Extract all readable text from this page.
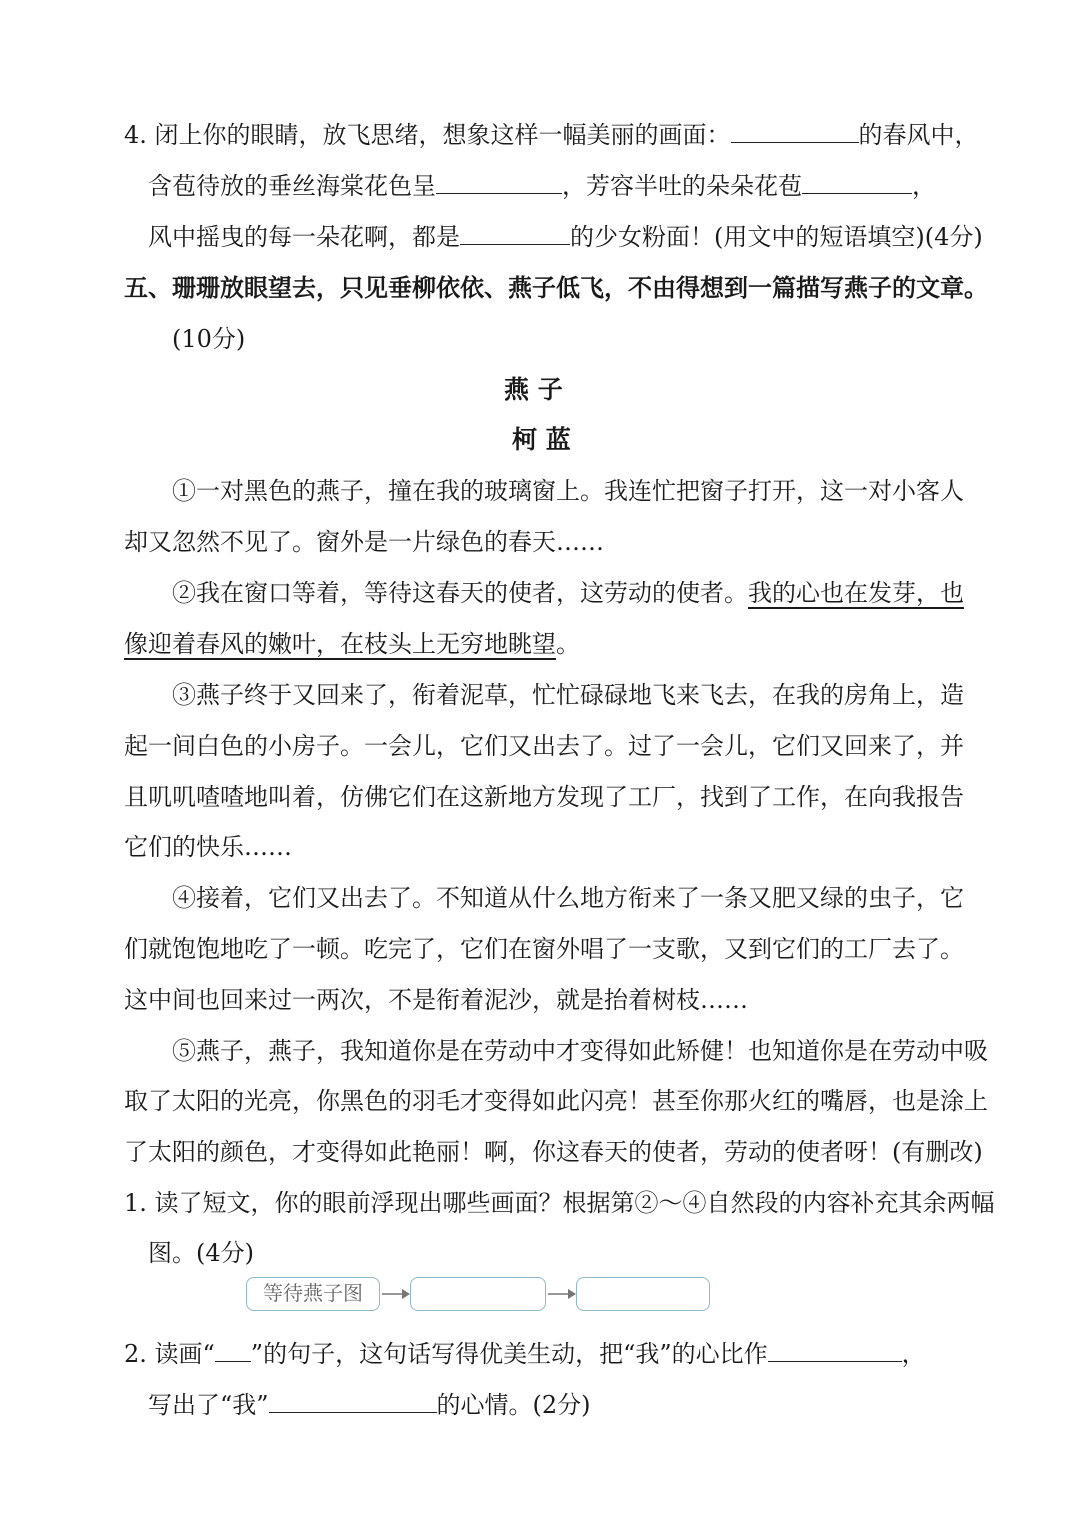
4. 闭上你的眼睛，放飞思绪，想象这样一幅美丽的画面：	的春风中，
含苞待放的垂丝海棠花色呈	，芳容半吐的朵朵花苞	，
风中摇曳的每一朵花啊，都是	的少女粉面！(用文中的短语填空)(4分)
五、珊珊放眼望去，只见垂柳依依、燕子低飞，不由得想到一篇描写燕子的文章。
(10分)
燕 子
柯 蓝
①一对黑色的燕子，撞在我的玻璃窗上。我连忙把窗子打开，这一对小客人
却又忽然不见了。窗外是一片绿色的春天……
②我在窗口等着，等待这春天的使者，这劳动的使者。我的心也在发芽，也
像迎着春风的嫩叶，在枝头上无穷地眺望。
③燕子终于又回来了，衔着泥草，忙忙碌碌地飞来飞去，在我的房角上，造
起一间白色的小房子。一会儿，它们又出去了。过了一会儿，它们又回来了，并
且叽叽喳喳地叫着，仿佛它们在这新地方发现了工厂，找到了工作，在向我报告
它们的快乐……
④接着，它们又出去了。不知道从什么地方衔来了一条又肥又绿的虫子，它
们就饱饱地吃了一顿。吃完了，它们在窗外唱了一支歌，又到它们的工厂去了。
这中间也回来过一两次，不是衔着泥沙，就是抬着树枝……
⑤燕子，燕子，我知道你是在劳动中才变得如此矫健！也知道你是在劳动中吸
取了太阳的光亮，你黑色的羽毛才变得如此闪亮！甚至你那火红的嘴唇，也是涂上
了太阳的颜色，才变得如此艳丽！啊，你这春天的使者，劳动的使者呀！(有删改)
1. 读了短文，你的眼前浮现出哪些画面？根据第②～④自然段的内容补充其余两幅
图。(4分)
等待燕子图
2. 读画“ ”的句子，这句话写得优美生动，把“我”的心比作	，
写出了“我”	的心情。(2分)
